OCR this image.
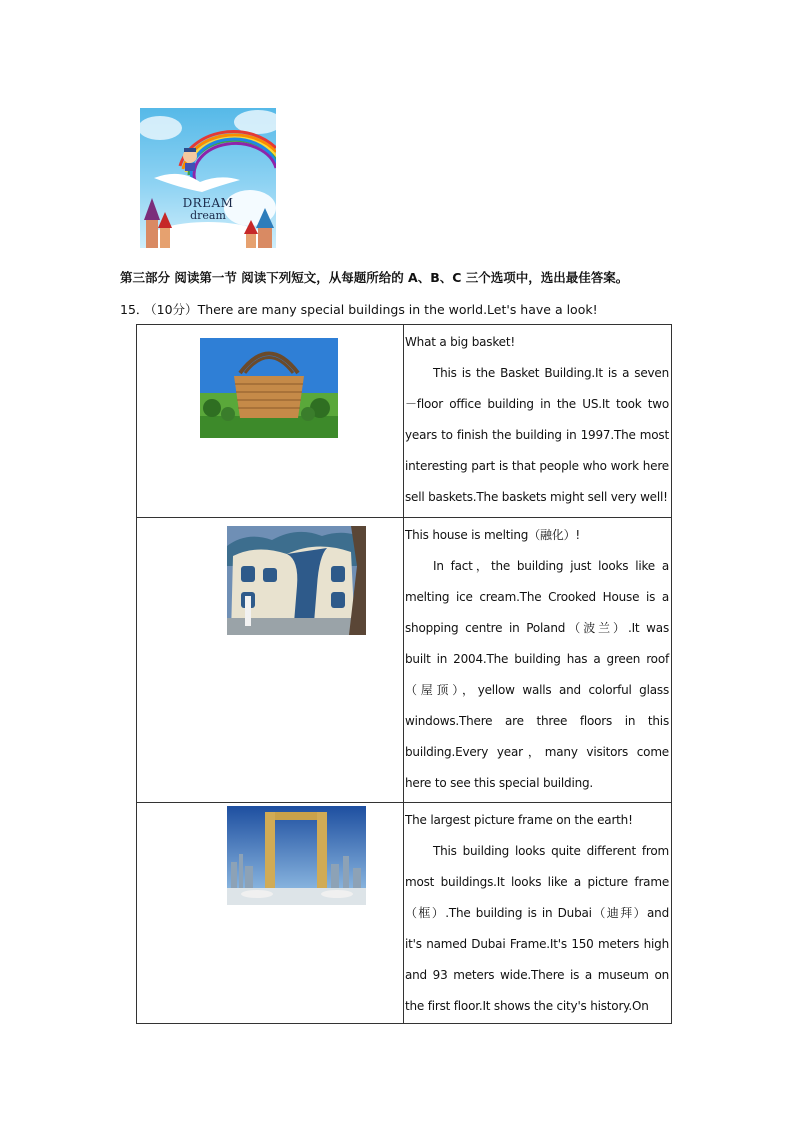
DREAM
dream
第三部分 阅读第一节 阅读下列短文，从每题所给的 A、B、C 三个选项中，选出最佳答案。
15． （10分）There are many special buildings in the world.Let's have a look!

What a big basket!
This is the Basket Building.It is a seven－floor office building in the US.It took two years to finish the building in 1997.The most interesting part is that people who work here sell baskets.The baskets might sell very well!

This house is melting（融化）!
In fact，the building just looks like a melting ice cream.The Crooked House is a shopping centre in Poland（波兰）.It was built in 2004.The building has a green roof（屋顶），yellow walls and colorful glass windows.There are three floors in this building.Every year，many visitors come here to see this special building.

The largest picture frame on the earth!
This building looks quite different from most buildings.It looks like a picture frame（框）.The building is in Dubai（迪拜）and it's named Dubai Frame.It's 150 meters high and 93 meters wide.There is a museum on the first floor.It shows the city's history.On
